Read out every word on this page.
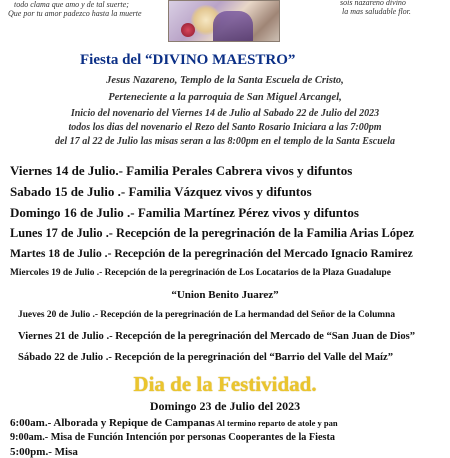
todo clama que amo y de tal suerte;
Que por tu amor padezco hasta la muerte
sois nazareno divino
la mas saludable flor.
Fiesta del “DIVINO MAESTRO”
Jesus Nazareno, Templo de la Santa Escuela de Cristo,
Perteneciente a la parroquia de San Miguel Arcangel,
Inicio del novenario del Viernes 14 de Julio al Sabado 22 de Julio del 2023
todos los dias del novenario el Rezo del Santo Rosario Iniciara a las 7:00pm
del 17 al 22 de Julio las misas seran a las 8:00pm en el templo de la Santa Escuela
Viernes 14 de Julio.- Familia Perales Cabrera vivos y difuntos
Sabado 15 de Julio .- Familia Vázquez vivos y difuntos
Domingo 16 de Julio .- Familia Martínez Pérez vivos y difuntos
Lunes 17 de Julio .- Recepción de la peregrinación de la Familia Arias López
Martes 18 de Julio .- Recepción de la peregrinación del Mercado Ignacio Ramirez
Miercoles 19 de Julio .- Recepción de la peregrinación de Los Locatarios de la Plaza Guadalupe
“Union Benito Juarez”
Jueves 20 de Julio .- Recepción de la peregrinación de La hermandad del Señor de la Columna
Viernes 21 de Julio .- Recepción de la peregrinación del Mercado de “San Juan de Dios”
Sábado 22 de Julio .- Recepción de la peregrinación del “Barrio del Valle del Maíz”
Dia de la Festividad.
Domingo 23 de Julio del 2023
6:00am.- Alborada y Repique de Campanas Al termino reparto de atole y pan
9:00am.- Misa de Función Intención por personas Cooperantes de la Fiesta
5:00pm.- Misa
